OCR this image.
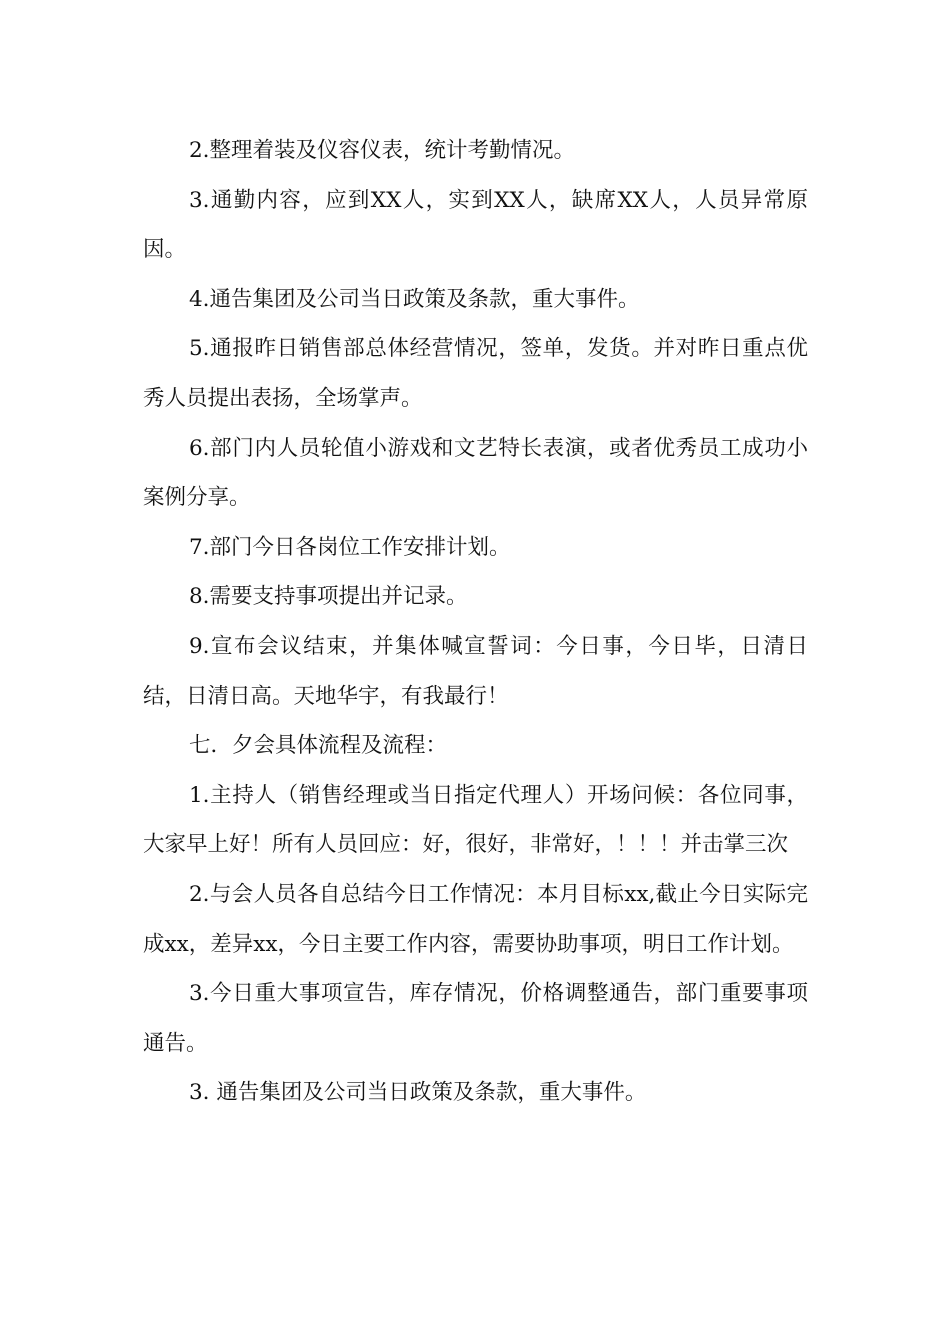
2.整理着装及仪容仪表，统计考勤情况。

3.通勤内容，应到XX人，实到XX人，缺席XX人，人员异常原因。

4.通告集团及公司当日政策及条款，重大事件。

5.通报昨日销售部总体经营情况，签单，发货。并对昨日重点优秀人员提出表扬，全场掌声。

6.部门内人员轮值小游戏和文艺特长表演，或者优秀员工成功小案例分享。

7.部门今日各岗位工作安排计划。

8.需要支持事项提出并记录。

9.宣布会议结束，并集体喊宣誓词：今日事，今日毕，日清日结，日清日高。天地华宇，有我最行！

七．夕会具体流程及流程：

1.主持人（销售经理或当日指定代理人）开场问候：各位同事，大家早上好！所有人员回应：好，很好，非常好，！！！并击掌三次

2.与会人员各自总结今日工作情况：本月目标xx,截止今日实际完成xx，差异xx，今日主要工作内容，需要协助事项，明日工作计划。

3.今日重大事项宣告，库存情况，价格调整通告，部门重要事项通告。

3. 通告集团及公司当日政策及条款，重大事件。
